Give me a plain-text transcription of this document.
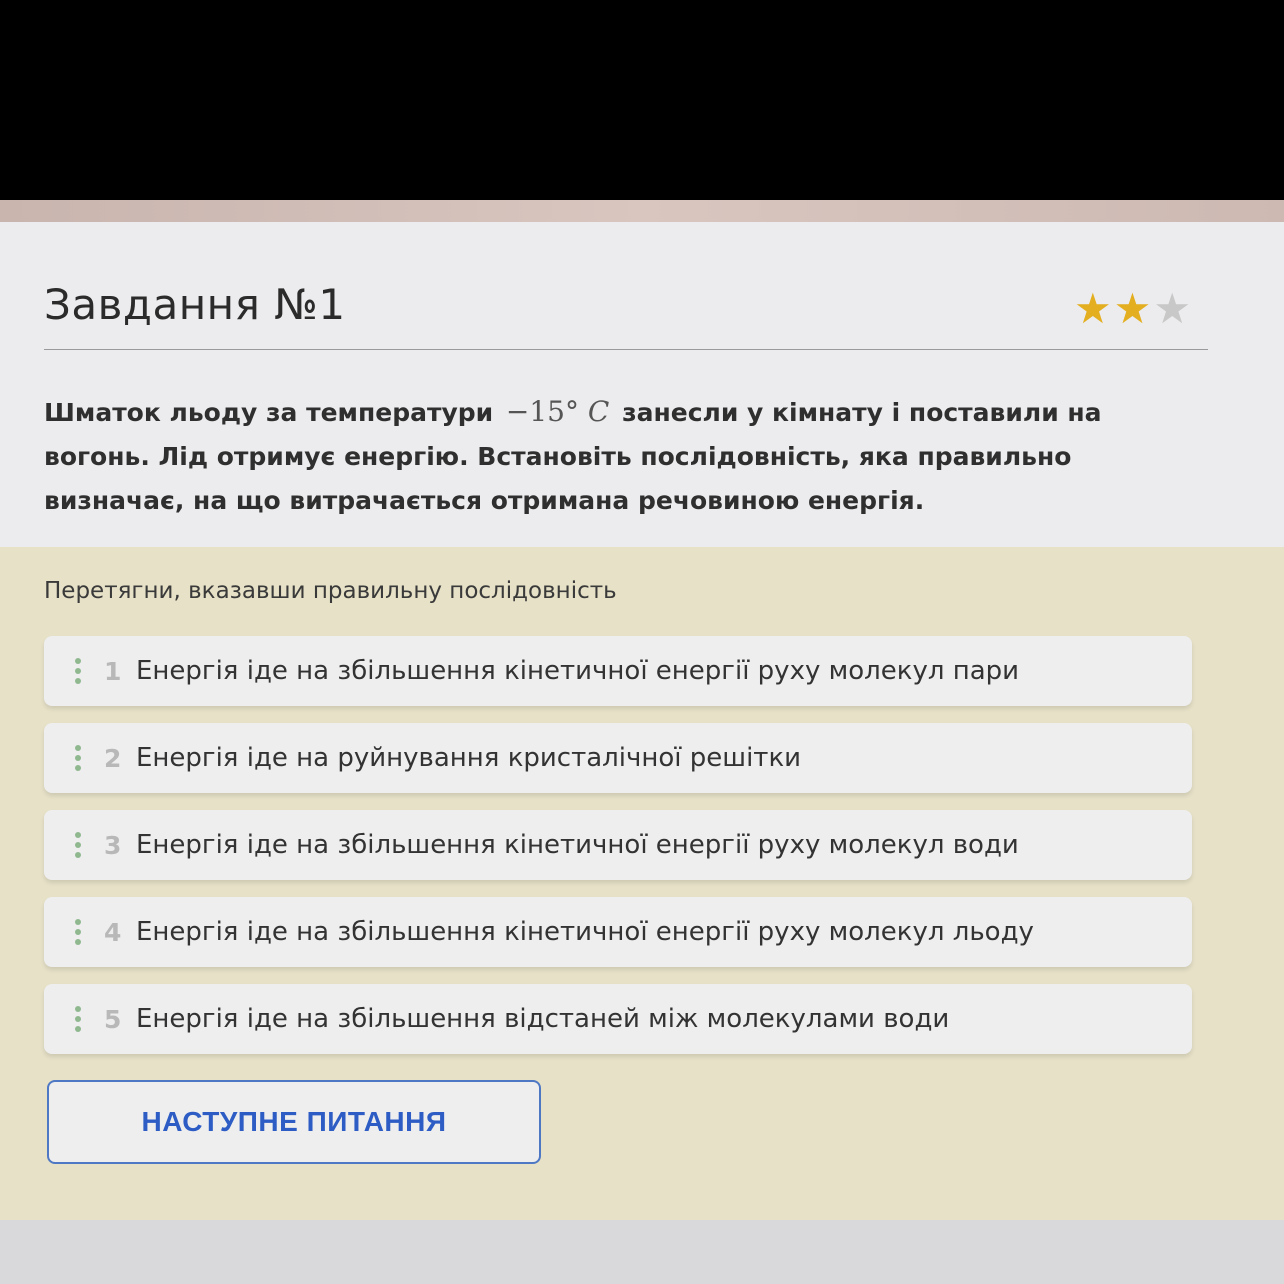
Завдання №1	★ ★ ★
Шматок льоду за температури −15° C занесли у кімнату і поставили на вогонь. Лід отримує енергію. Встановіть послідовність, яка правильно визначає, на що витрачається отримана речовиною енергія.
Перетягни, вказавши правильну послідовність
1 Енергія іде на збільшення кінетичної енергії руху молекул пари
2 Енергія іде на руйнування кристалічної решітки
3 Енергія іде на збільшення кінетичної енергії руху молекул води
4 Енергія іде на збільшення кінетичної енергії руху молекул льоду
5 Енергія іде на збільшення відстаней між молекулами води
НАСТУПНЕ ПИТАННЯ
